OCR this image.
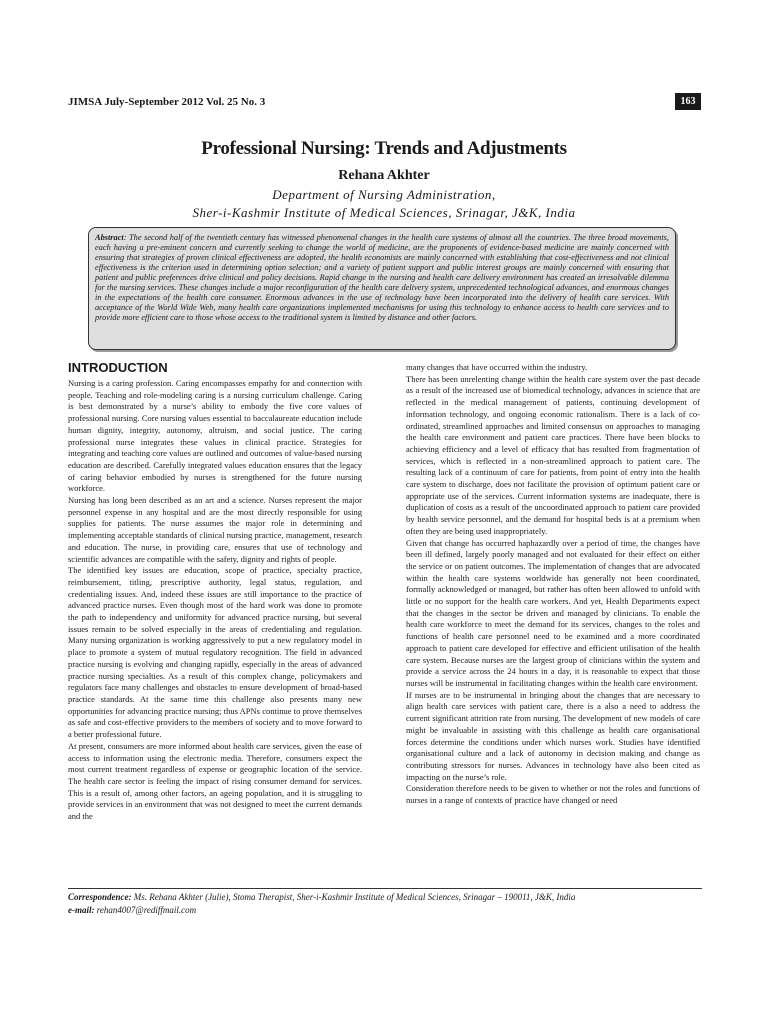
JIMSA July-September 2012 Vol. 25 No. 3	163
Professional Nursing: Trends and Adjustments
Rehana Akhter
Department of Nursing Administration,
Sher-i-Kashmir Institute of Medical Sciences, Srinagar, J&K, India
Abstract: The second half of the twentieth century has witnessed phenomenal changes in the health care systems of almost all the countries. The three broad movements, each having a pre-eminent concern and currently seeking to change the world of medicine, are the proponents of evidence-based medicine are mainly concerned with ensuring that strategies of proven clinical effectiveness are adopted, the health economists are mainly concerned with establishing that cost-effectiveness and not clinical effectiveness is the criterion used in determining option selection; and a variety of patient support and public interest groups are mainly concerned with ensuring that patient and public preferences drive clinical and policy decisions. Rapid change in the nursing and health care delivery environment has created an irresolvable dilemma for the nursing services. These changes include a major reconfiguration of the health care delivery system, unprecedented technological advances, and enormous changes in the expectations of the health care consumer. Enormous advances in the use of technology have been incorporated into the delivery of health care services. With acceptance of the World Wide Web, many health care organizations implemented mechanisms for using this technology to enhance access to health care services and to provide more efficient care to those whose access to the traditional system is limited by distance and other factors.
INTRODUCTION

Nursing is a caring profession. Caring encompasses empathy for and connection with people. Teaching and role-modeling caring is a nursing curriculum challenge. Caring is best demonstrated by a nurse’s ability to embody the five core values of professional nursing. Core nursing values essential to baccalaureate education include human dignity, integrity, autonomy, altruism, and social justice. The caring professional nurse integrates these values in clinical practice. Strategies for integrating and teaching core values are outlined and outcomes of value-based nursing education are described. Carefully integrated values education ensures that the legacy of caring behavior embodied by nurses is strengthened for the future nursing workforce.

Nursing has long been described as an art and a science. Nurses represent the major personnel expense in any hospital and are the most directly responsible for using supplies for patients. The nurse assumes the major role in determining and implementing acceptable standards of clinical nursing practice, management, research and education. The nurse, in providing care, ensures that use of technology and scientific advances are compatible with the safety, dignity and rights of people.

The identified key issues are education, scope of practice, specialty practice, reimbursement, titling, prescriptive authority, legal status, regulation, and credentialing issues. And, indeed these issues are still importance to the practice of advanced practice nurses. Even though most of the hard work was done to promote the path to independency and uniformity for advanced practice nursing, but several issues remain to be solved especially in the areas of credentialing and regulation. Many nursing organization is working aggressively to put a new regulatory model in place to promote a system of mutual regulatory recognition. The field in advanced practice nursing is evolving and changing rapidly, especially in the areas of advanced practice nursing specialties. As a result of this complex change, policymakers and regulators face many challenges and obstacles to ensure development of broad-based practice standards. At the same time this challenge also presents many new opportunities for advancing practice nursing; thus APNs continue to prove themselves as safe and cost-effective providers to the members of society and to move forward to a better professional future.

At present, consumers are more informed about health care services, given the ease of access to information using the electronic media. Therefore, consumers expect the most current treatment regardless of expense or geographic location of the service. The health care sector is feeling the impact of rising consumer demand for services. This is a result of, among other factors, an ageing population, and it is struggling to provide services in an environment that was not designed to meet the current demands and the

many changes that have occurred within the industry.

There has been unrelenting change within the health care system over the past decade as a result of the increased use of biomedical technology, advances in science that are reflected in the medical management of patients, continuing development of information technology, and ongoing economic rationalism. There is a lack of co-ordinated, streamlined approaches and limited consensus on approaches to managing the health care environment and patient care practices. There have been blocks to achieving efficiency and a level of efficacy that has resulted from fragmentation of services, which is reflected in a non-streamlined approach to patient care. The resulting lack of a continuum of care for patients, from point of entry into the health care system to discharge, does not facilitate the provision of optimum patient care or appropriate use of the services. Current information systems are inadequate, there is duplication of costs as a result of the uncoordinated approach to patient care provided by health service personnel, and the demand for hospital beds is at a premium when often they are being used inappropriately.

Given that change has occurred haphazardly over a period of time, the changes have been ill defined, largely poorly managed and not evaluated for their effect on either the service or on patient outcomes. The implementation of changes that are advocated within the health care systems worldwide has generally not been coordinated, formally acknowledged or managed, but rather has often been allowed to unfold with little or no support for the health care workers. And yet, Health Departments expect that the changes in the sector be driven and managed by clinicians. To enable the health care workforce to meet the demand for its services, changes to the roles and functions of health care personnel need to be examined and a more coordinated approach to patient care developed for effective and efficient utilisation of the health care system. Because nurses are the largest group of clinicians within the system and provide a service across the 24 hours in a day, it is reasonable to expect that those nurses will be instrumental in facilitating changes within the health care environment.

If nurses are to be instrumental in bringing about the changes that are necessary to align health care services with patient care, there is a also a need to address the current significant attrition rate from nursing. The development of new models of care might be invaluable in assisting with this challenge as health care organisational forces determine the conditions under which nurses work. Studies have identified organisational culture and a lack of autonomy in decision making and change as contributing stressors for nurses. Advances in technology have also been cited as impacting on the nurse’s role.

Consideration therefore needs to be given to whether or not the roles and functions of nurses in a range of contexts of practice have changed or need

Correspondence: Ms. Rehana Akhter (Julie), Stoma Therapist, Sher-i-Kashmir Institute of Medical Sciences, Srinagar – 190011, J&K, India
e-mail: rehan4007@rediffmail.com
